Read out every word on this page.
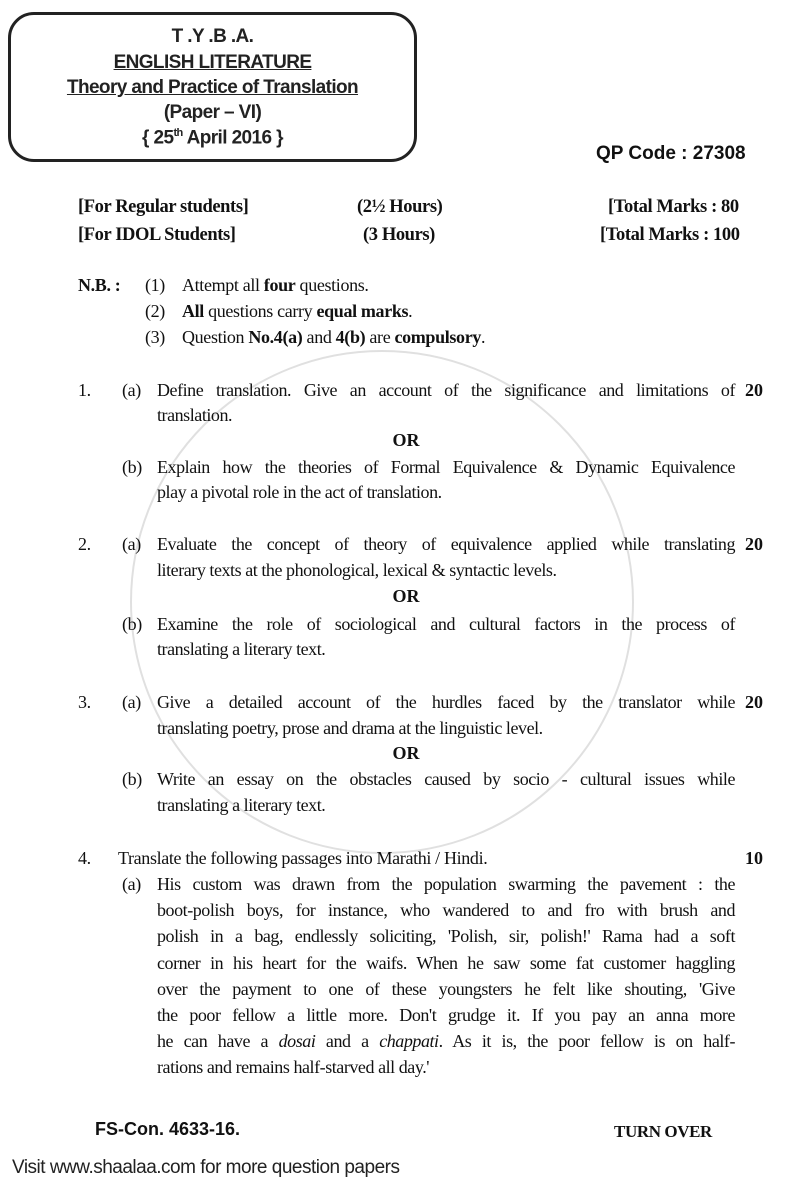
T .Y .B .A.
ENGLISH LITERATURE
Theory and Practice of Translation
(Paper – VI)
{ 25th April 2016 }
QP Code : 27308
[For Regular students]	(2½ Hours)	[Total Marks : 80
[For IDOL Students]	(3 Hours)	[Total Marks : 100
N.B. : (1) Attempt all four questions.
(2) All questions carry equal marks.
(3) Question No.4(a) and 4(b) are compulsory.
1. (a) Define translation. Give an account of the significance and limitations of
translation.
20
OR
(b) Explain how the theories of Formal Equivalence & Dynamic Equivalence
play a pivotal role in the act of translation.
2. (a) Evaluate the concept of theory of equivalence applied while translating
literary texts at the phonological, lexical & syntactic levels.
20
OR
(b) Examine the role of sociological and cultural factors in the process of
translating a literary text.
3. (a) Give a detailed account of the hurdles faced by the translator while
translating poetry, prose and drama at the linguistic level.
20
OR
(b) Write an essay on the obstacles caused by socio - cultural issues while
translating a literary text.
4. Translate the following passages into Marathi / Hindi.	10
(a) His custom was drawn from the population swarming the pavement : the
boot-polish boys, for instance, who wandered to and fro with brush and
polish in a bag, endlessly soliciting, 'Polish, sir, polish!' Rama had a soft
corner in his heart for the waifs. When he saw some fat customer haggling
over the payment to one of these youngsters he felt like shouting, 'Give
the poor fellow a little more. Don't grudge it. If you pay an anna more
he can have a dosai and a chappati. As it is, the poor fellow is on half-
rations and remains half-starved all day.'
FS-Con. 4633-16.	TURN OVER
Visit www.shaalaa.com for more question papers
